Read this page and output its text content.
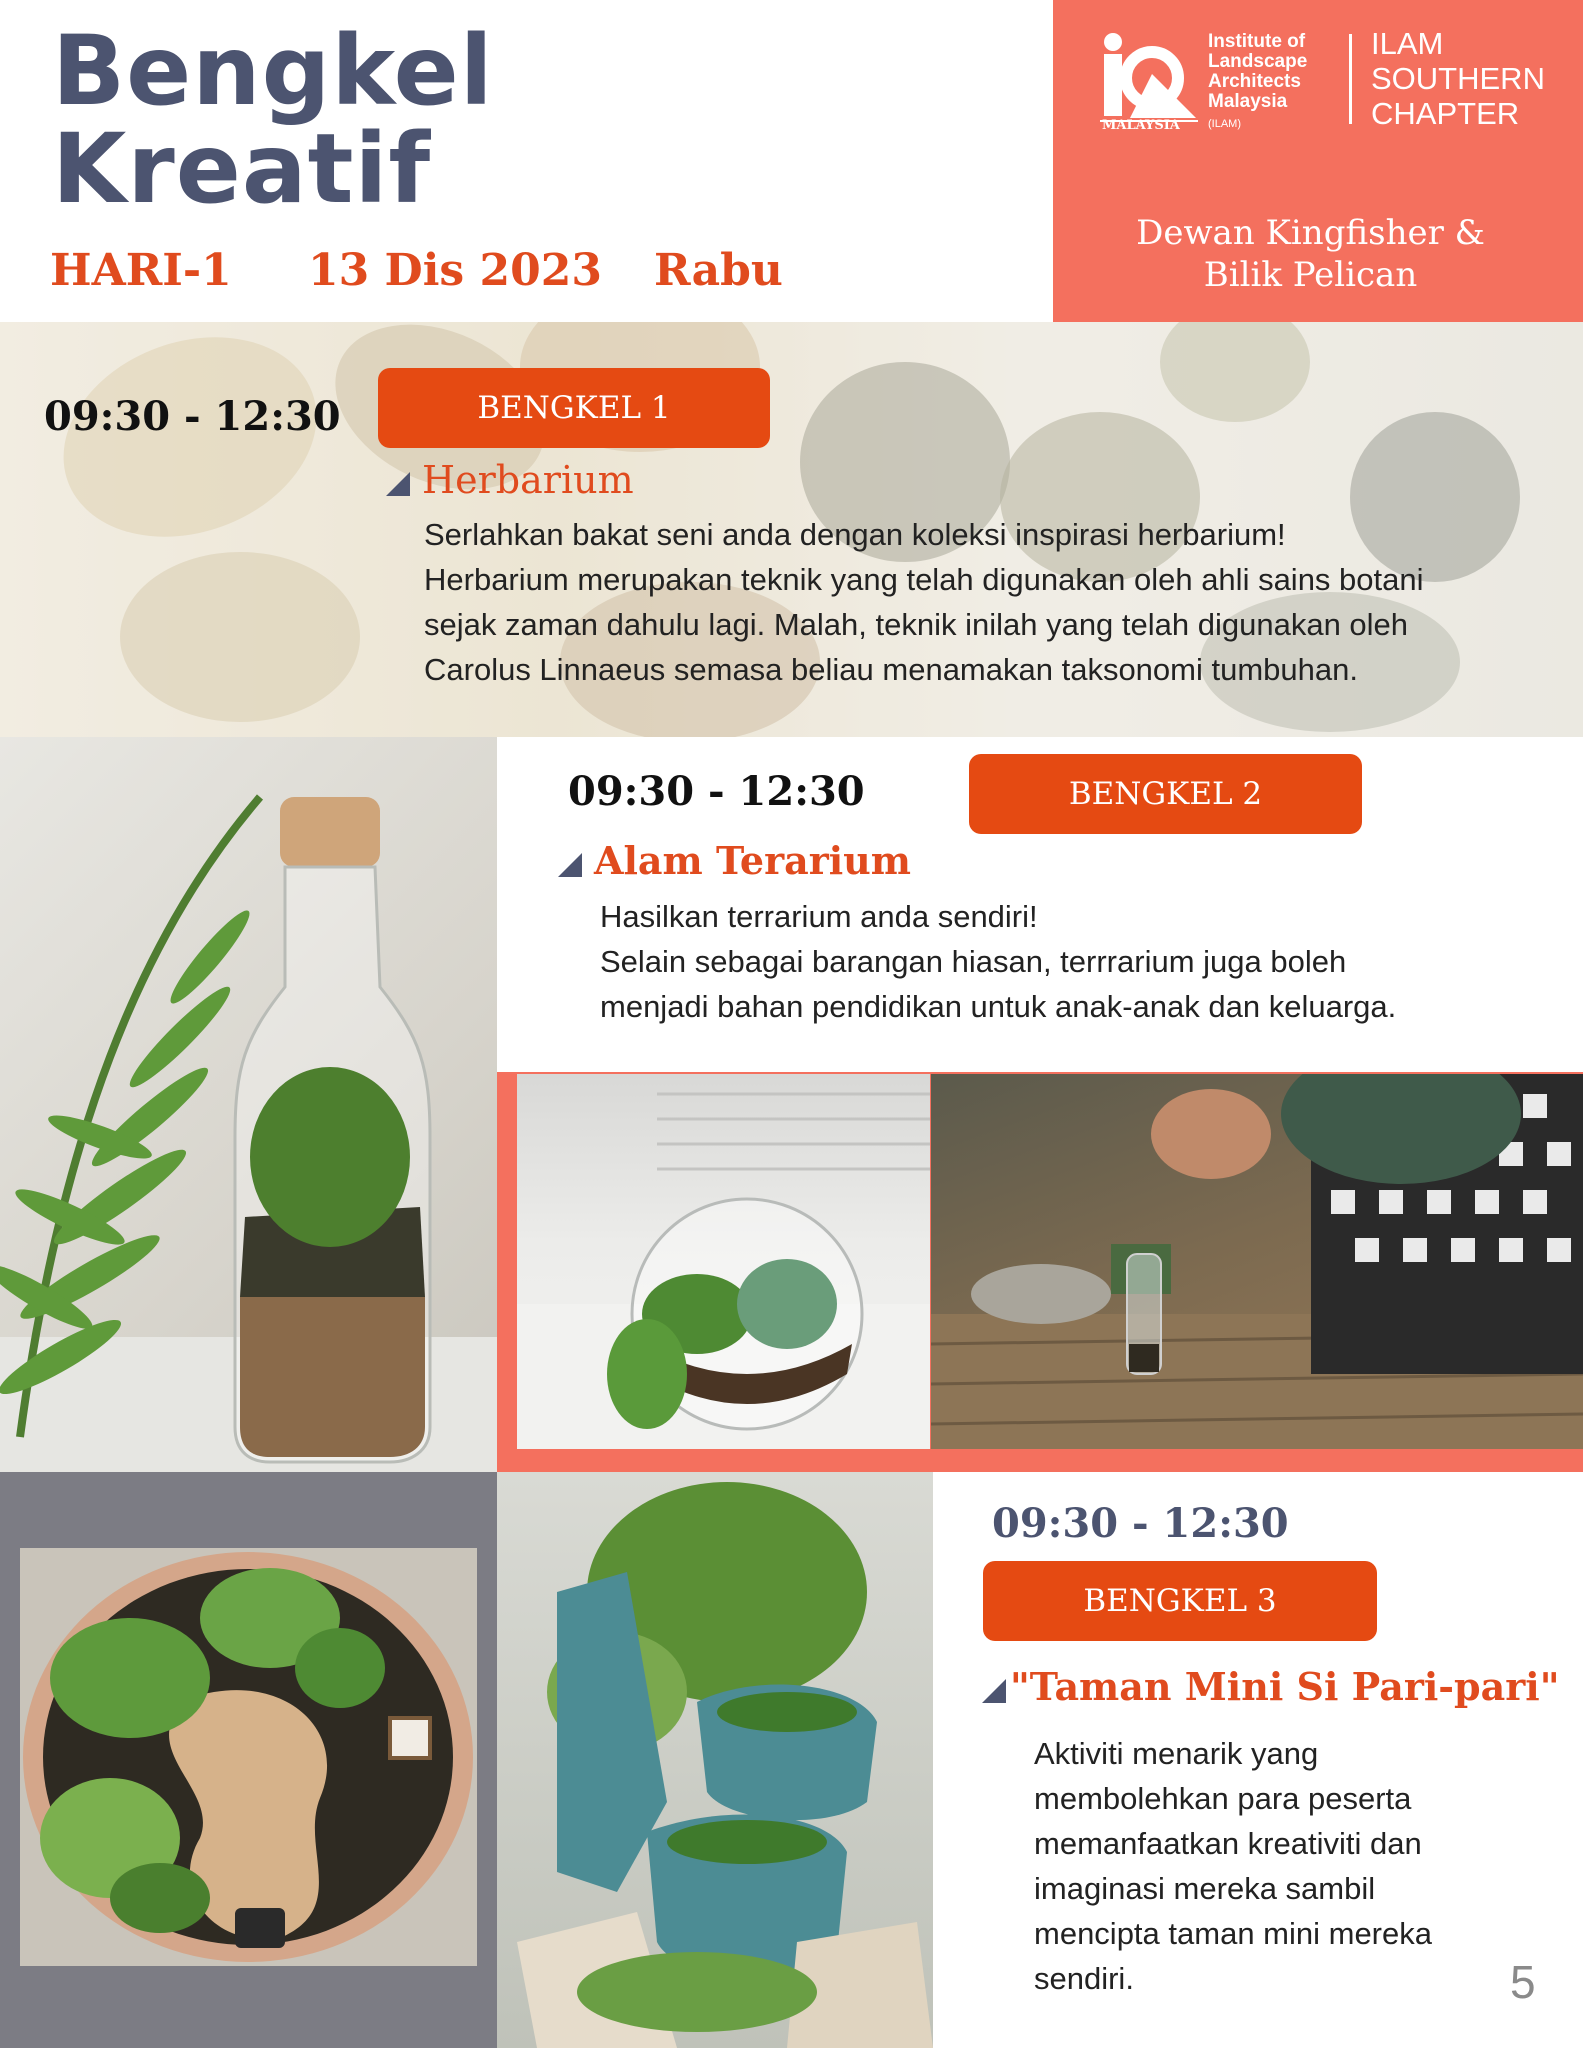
Bengkel
Kreatif
HARI-1 13 Dis 2023 Rabu
MALAYSIA
Institute of
Landscape
Architects
Malaysia
(ILAM)
ILAM
SOUTHERN
CHAPTER
Dewan Kingfisher &
Bilik Pelican
09:30 - 12:30	BENGKEL 1
Herbarium
Serlahkan bakat seni anda dengan koleksi inspirasi herbarium!
Herbarium merupakan teknik yang telah digunakan oleh ahli sains botani
sejak zaman dahulu lagi. Malah, teknik inilah yang telah digunakan oleh
Carolus Linnaeus semasa beliau menamakan taksonomi tumbuhan.
09:30 - 12:30	BENGKEL 2
Alam Terarium
Hasilkan terrarium anda sendiri!
Selain sebagai barangan hiasan, terrrarium juga boleh
menjadi bahan pendidikan untuk anak-anak dan keluarga.
09:30 - 12:30
BENGKEL 3
"Taman Mini Si Pari-pari"
Aktiviti menarik yang
membolehkan para peserta
memanfaatkan kreativiti dan
imaginasi mereka sambil
mencipta taman mini mereka
sendiri.	5
